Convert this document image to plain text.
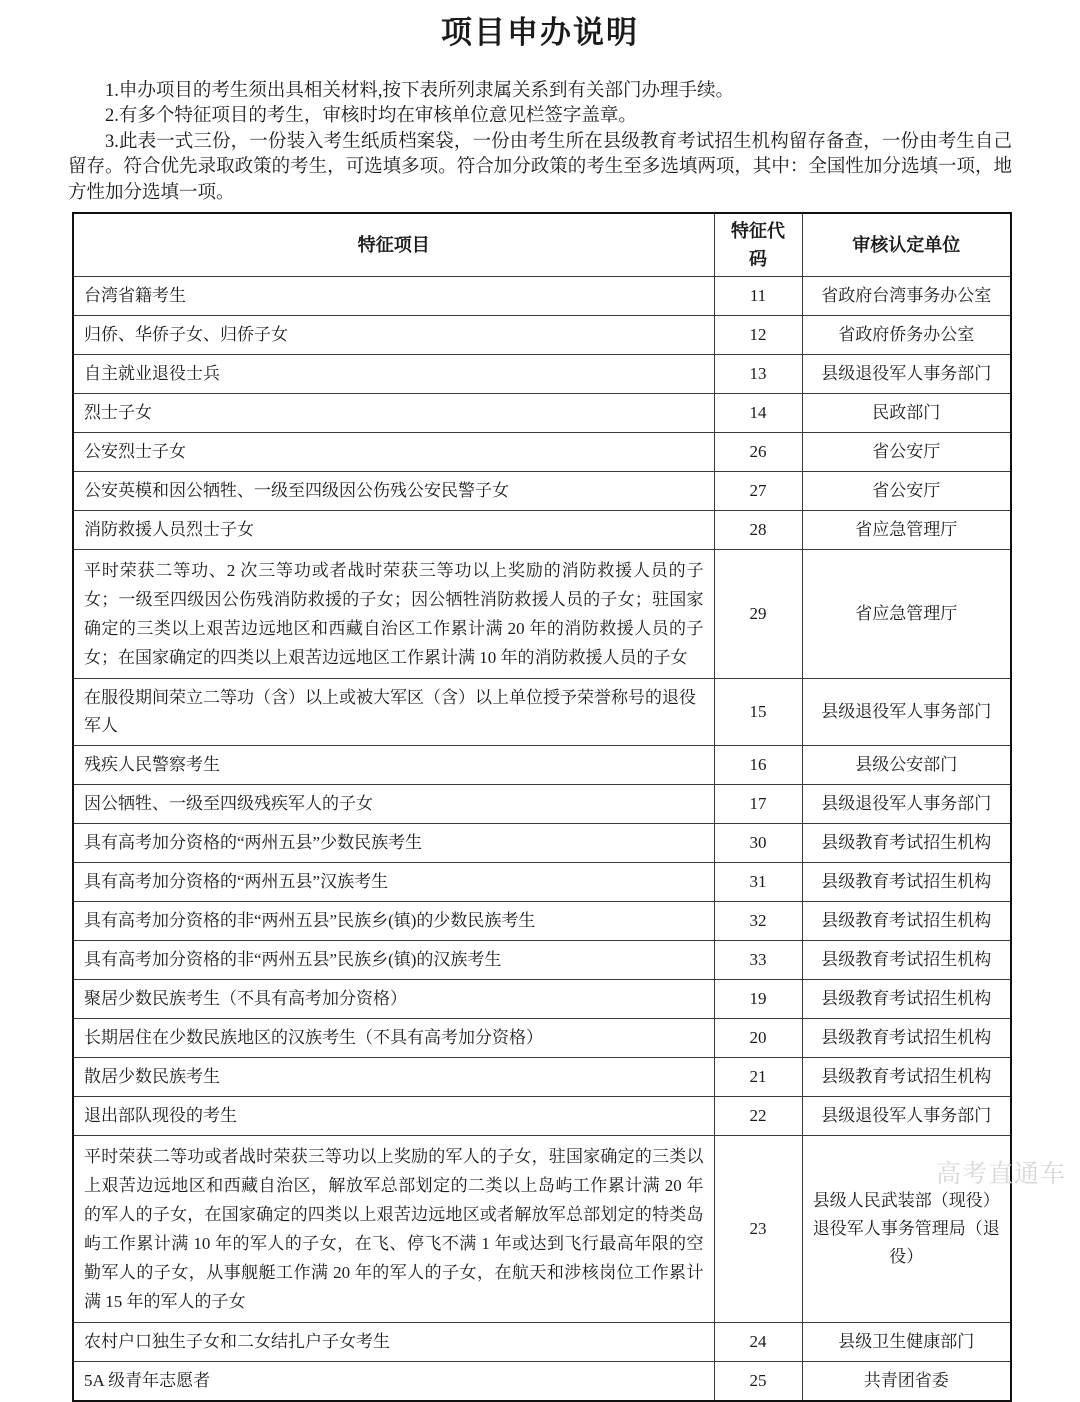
项目申办说明

1.申办项目的考生须出具相关材料,按下表所列隶属关系到有关部门办理手续。

2.有多个特征项目的考生，审核时均在审核单位意见栏签字盖章。

3.此表一式三份，一份装入考生纸质档案袋，一份由考生所在县级教育考试招生机构留存备查，一份由考生自己留存。符合优先录取政策的考生，可选填多项。符合加分政策的考生至多选填两项，其中：全国性加分选填一项，地方性加分选填一项。

特征项目	特征代码	审核认定单位
台湾省籍考生	11	省政府台湾事务办公室
归侨、华侨子女、归侨子女	12	省政府侨务办公室
自主就业退役士兵	13	县级退役军人事务部门
烈士子女	14	民政部门
公安烈士子女	26	省公安厅
公安英模和因公牺牲、一级至四级因公伤残公安民警子女	27	省公安厅
消防救援人员烈士子女	28	省应急管理厅
平时荣获二等功、2 次三等功或者战时荣获三等功以上奖励的消防救援人员的子女；一级至四级因公伤残消防救援的子女；因公牺牲消防救援人员的子女；驻国家确定的三类以上艰苦边远地区和西藏自治区工作累计满 20 年的消防救援人员的子女；在国家确定的四类以上艰苦边远地区工作累计满 10 年的消防救援人员的子女	29	省应急管理厅
在服役期间荣立二等功（含）以上或被大军区（含）以上单位授予荣誉称号的退役军人	15	县级退役军人事务部门
残疾人民警察考生	16	县级公安部门
因公牺牲、一级至四级残疾军人的子女	17	县级退役军人事务部门
具有高考加分资格的“两州五县”少数民族考生	30	县级教育考试招生机构
具有高考加分资格的“两州五县”汉族考生	31	县级教育考试招生机构
具有高考加分资格的非“两州五县”民族乡(镇)的少数民族考生	32	县级教育考试招生机构
具有高考加分资格的非“两州五县”民族乡(镇)的汉族考生	33	县级教育考试招生机构
聚居少数民族考生（不具有高考加分资格）	19	县级教育考试招生机构
长期居住在少数民族地区的汉族考生（不具有高考加分资格）	20	县级教育考试招生机构
散居少数民族考生	21	县级教育考试招生机构
退出部队现役的考生	22	县级退役军人事务部门
平时荣获二等功或者战时荣获三等功以上奖励的军人的子女，驻国家确定的三类以上艰苦边远地区和西藏自治区，解放军总部划定的二类以上岛屿工作累计满 20 年的军人的子女，在国家确定的四类以上艰苦边远地区或者解放军总部划定的特类岛屿工作累计满 10 年的军人的子女，在飞、停飞不满 1 年或达到飞行最高年限的空勤军人的子女，从事舰艇工作满 20 年的军人的子女，在航天和涉核岗位工作累计满 15 年的军人的子女	23	县级人民武装部（现役）
退役军人事务管理局（退役）
农村户口独生子女和二女结扎户子女考生	24	县级卫生健康部门
5A 级青年志愿者	25	共青团省委
高考直通车
